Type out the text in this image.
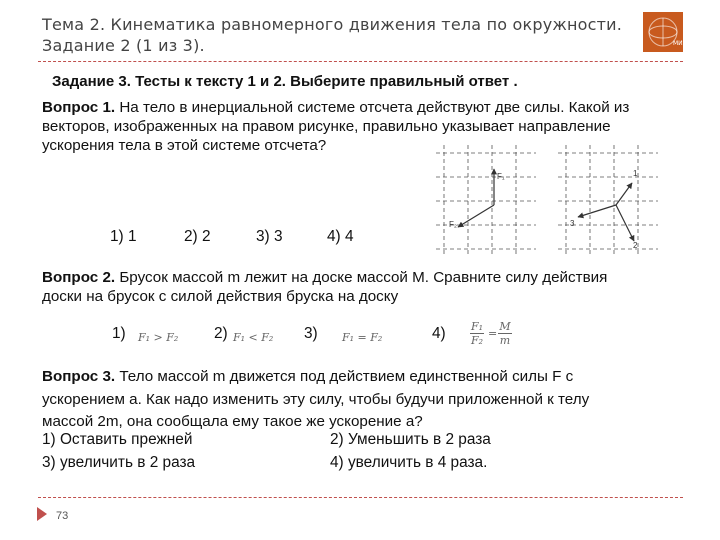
Тема 2. Кинематика равномерного движения тела по окружности.
Задание 2 (1 из 3).	МИЭ
Задание 3. Тесты к тексту 1 и 2. Выберите правильный ответ .
Вопрос 1. На тело в инерциальной системе отсчета действуют две силы. Какой из
векторов, изображенных на правом рисунке, правильно указывает направление
ускорения тела в этой системе отсчета?
1) 1	2) 2	3) 3	4) 4
F₁
F₂
1
2
3
Вопрос 2. Брусок массой m лежит на доске массой M. Сравните силу действия
доски на брусок с силой действия бруска на доску
1) F₁ > F₂ 2) F₁ < F₂ 3) F₁ = F₂	4) F₁
F₂
=
M
m
Вопрос 3. Тело массой m движется под действием единственной силы F с
ускорением a. Как надо изменить эту силу, чтобы будучи приложенной к телу
массой 2m, она сообщала ему такое же ускорение a?
1) Оставить прежней	2) Уменьшить в 2 раза
3) увеличить в 2 раза	4) увеличить в 4 раза.
73
